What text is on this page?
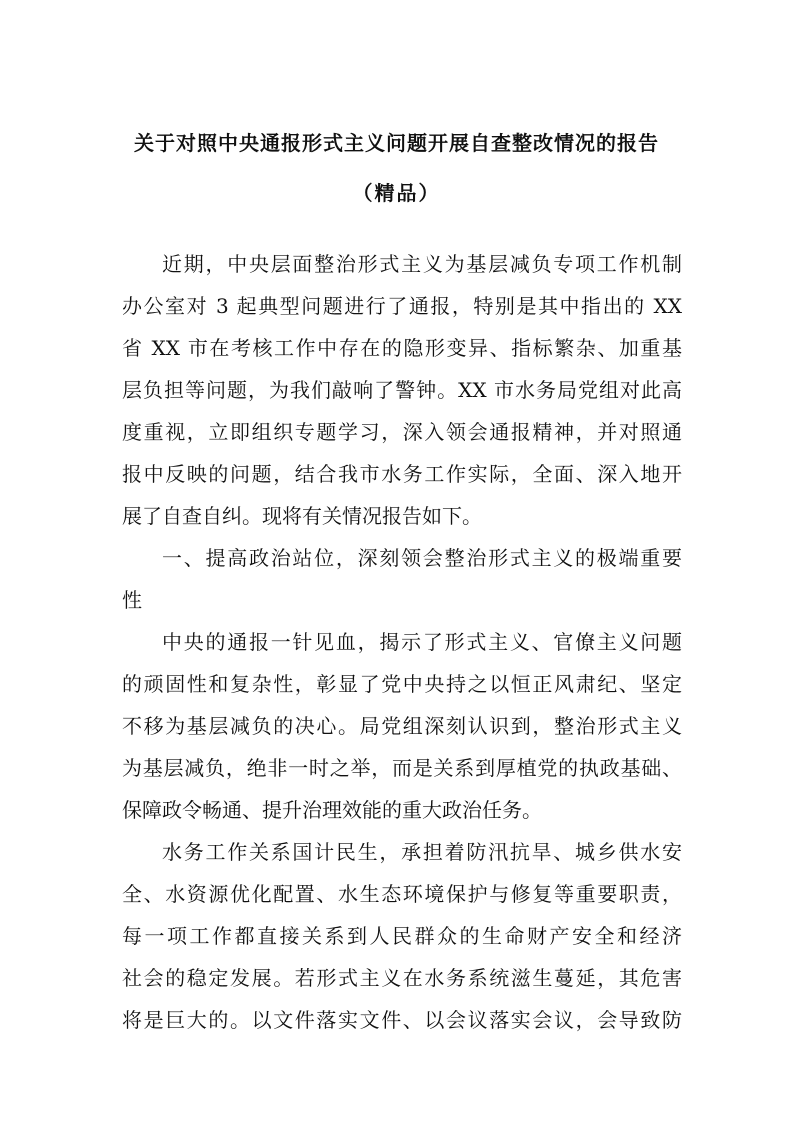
关于对照中央通报形式主义问题开展自查整改情况的报告
（精品）
近期，中央层面整治形式主义为基层减负专项工作机制
办公室对 3 起典型问题进行了通报，特别是其中指出的 XX
省 XX 市在考核工作中存在的隐形变异、指标繁杂、加重基
层负担等问题，为我们敲响了警钟。XX 市水务局党组对此高
度重视，立即组织专题学习，深入领会通报精神，并对照通
报中反映的问题，结合我市水务工作实际，全面、深入地开
展了自查自纠。现将有关情况报告如下。
一、提高政治站位，深刻领会整治形式主义的极端重要
性
中央的通报一针见血，揭示了形式主义、官僚主义问题
的顽固性和复杂性，彰显了党中央持之以恒正风肃纪、坚定
不移为基层减负的决心。局党组深刻认识到，整治形式主义
为基层减负，绝非一时之举，而是关系到厚植党的执政基础、
保障政令畅通、提升治理效能的重大政治任务。
水务工作关系国计民生，承担着防汛抗旱、城乡供水安
全、水资源优化配置、水生态环境保护与修复等重要职责，
每一项工作都直接关系到人民群众的生命财产安全和经济
社会的稳定发展。若形式主义在水务系统滋生蔓延，其危害
将是巨大的。以文件落实文件、以会议落实会议，会导致防
